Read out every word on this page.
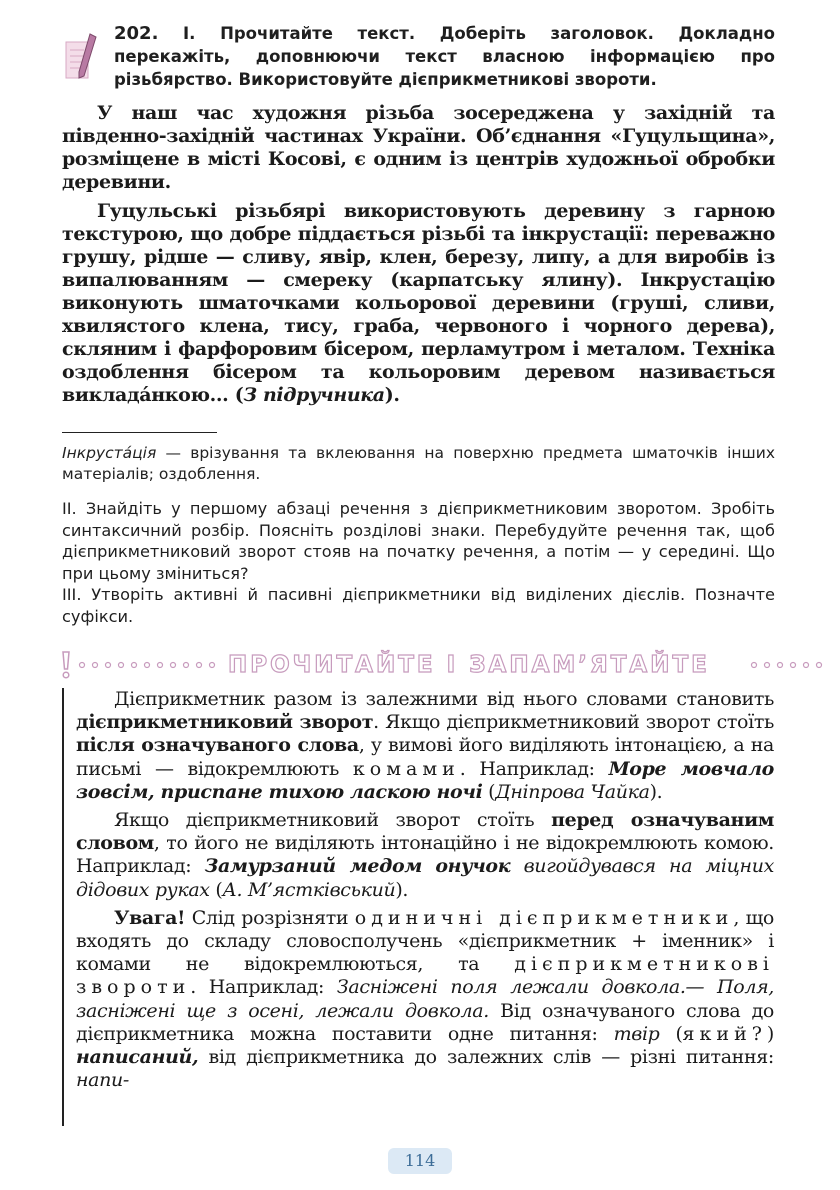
202. І. Прочитайте текст. Доберіть заголовок. Докладно перекажіть, доповнюючи текст власною інформацією про різьбярство. Використовуйте дієприкметникові звороти.

У наш час художня різьба зосереджена у західній та південно-західній частинах України. Об’єднання «Гуцульщина», розміщене в місті Косові, є одним із центрів художньої обробки деревини.

Гуцульські різьбярі використовують деревину з гарною текстурою, що добре піддається різьбі та інкрустації: переважно грушу, рідше — сливу, явір, клен, березу, липу, а для виробів із випалюванням — смереку (карпатську ялину). Інкрустацію виконують шматочками кольорової деревини (груші, сливи, хвилястого клена, тису, граба, червоного і чорного дерева), скляним і фарфоровим бісером, перламутром і металом. Техніка оздоблення бісером та кольоровим деревом називається викладáнкою... (З підручника).

Інкрустáція — врізування та вклеювання на поверхню предмета шматочків інших матеріалів; оздоблення.

ІІ. Знайдіть у першому абзаці речення з дієприкметниковим зворотом. Зробіть синтаксичний розбір. Поясніть розділові знаки. Перебудуйте речення так, щоб дієприкметниковий зворот стояв на початку речення, а потім — у середині. Що при цьому зміниться?

ІІІ. Утворіть активні й пасивні дієприкметники від виділених дієслів. Позначте суфікси.

ПРОЧИТАЙТЕ І ЗАПАМ’ЯТАЙТЕ

Дієприкметник разом із залежними від нього словами становить дієприкметниковий зворот. Якщо дієприкметниковий зворот стоїть після означуваного слова, у вимові його виділяють інтонацією, а на письмі — відокремлюють комами. Наприклад: Море мовчало зовсім, приспане тихою ласкою ночі (Дніпрова Чайка).

Якщо дієприкметниковий зворот стоїть перед означуваним словом, то його не виділяють інтонаційно і не відокремлюють комою. Наприклад: Замурзаний медом онучок вигойдувався на міцних дідових руках (А. М’ястківський).

Увага! Слід розрізняти одиничні дієприкметники, що входять до складу словосполучень «дієприкметник + іменник» і комами не відокремлюються, та дієприкметникові звороти. Наприклад: Засніжені поля лежали довкола.— Поля, засніжені ще з осені, лежали довкола. Від означуваного слова до дієприкметника можна поставити одне питання: твір (який?) написаний, від дієприкметника до залежних слів — різні питання: напи-

114
